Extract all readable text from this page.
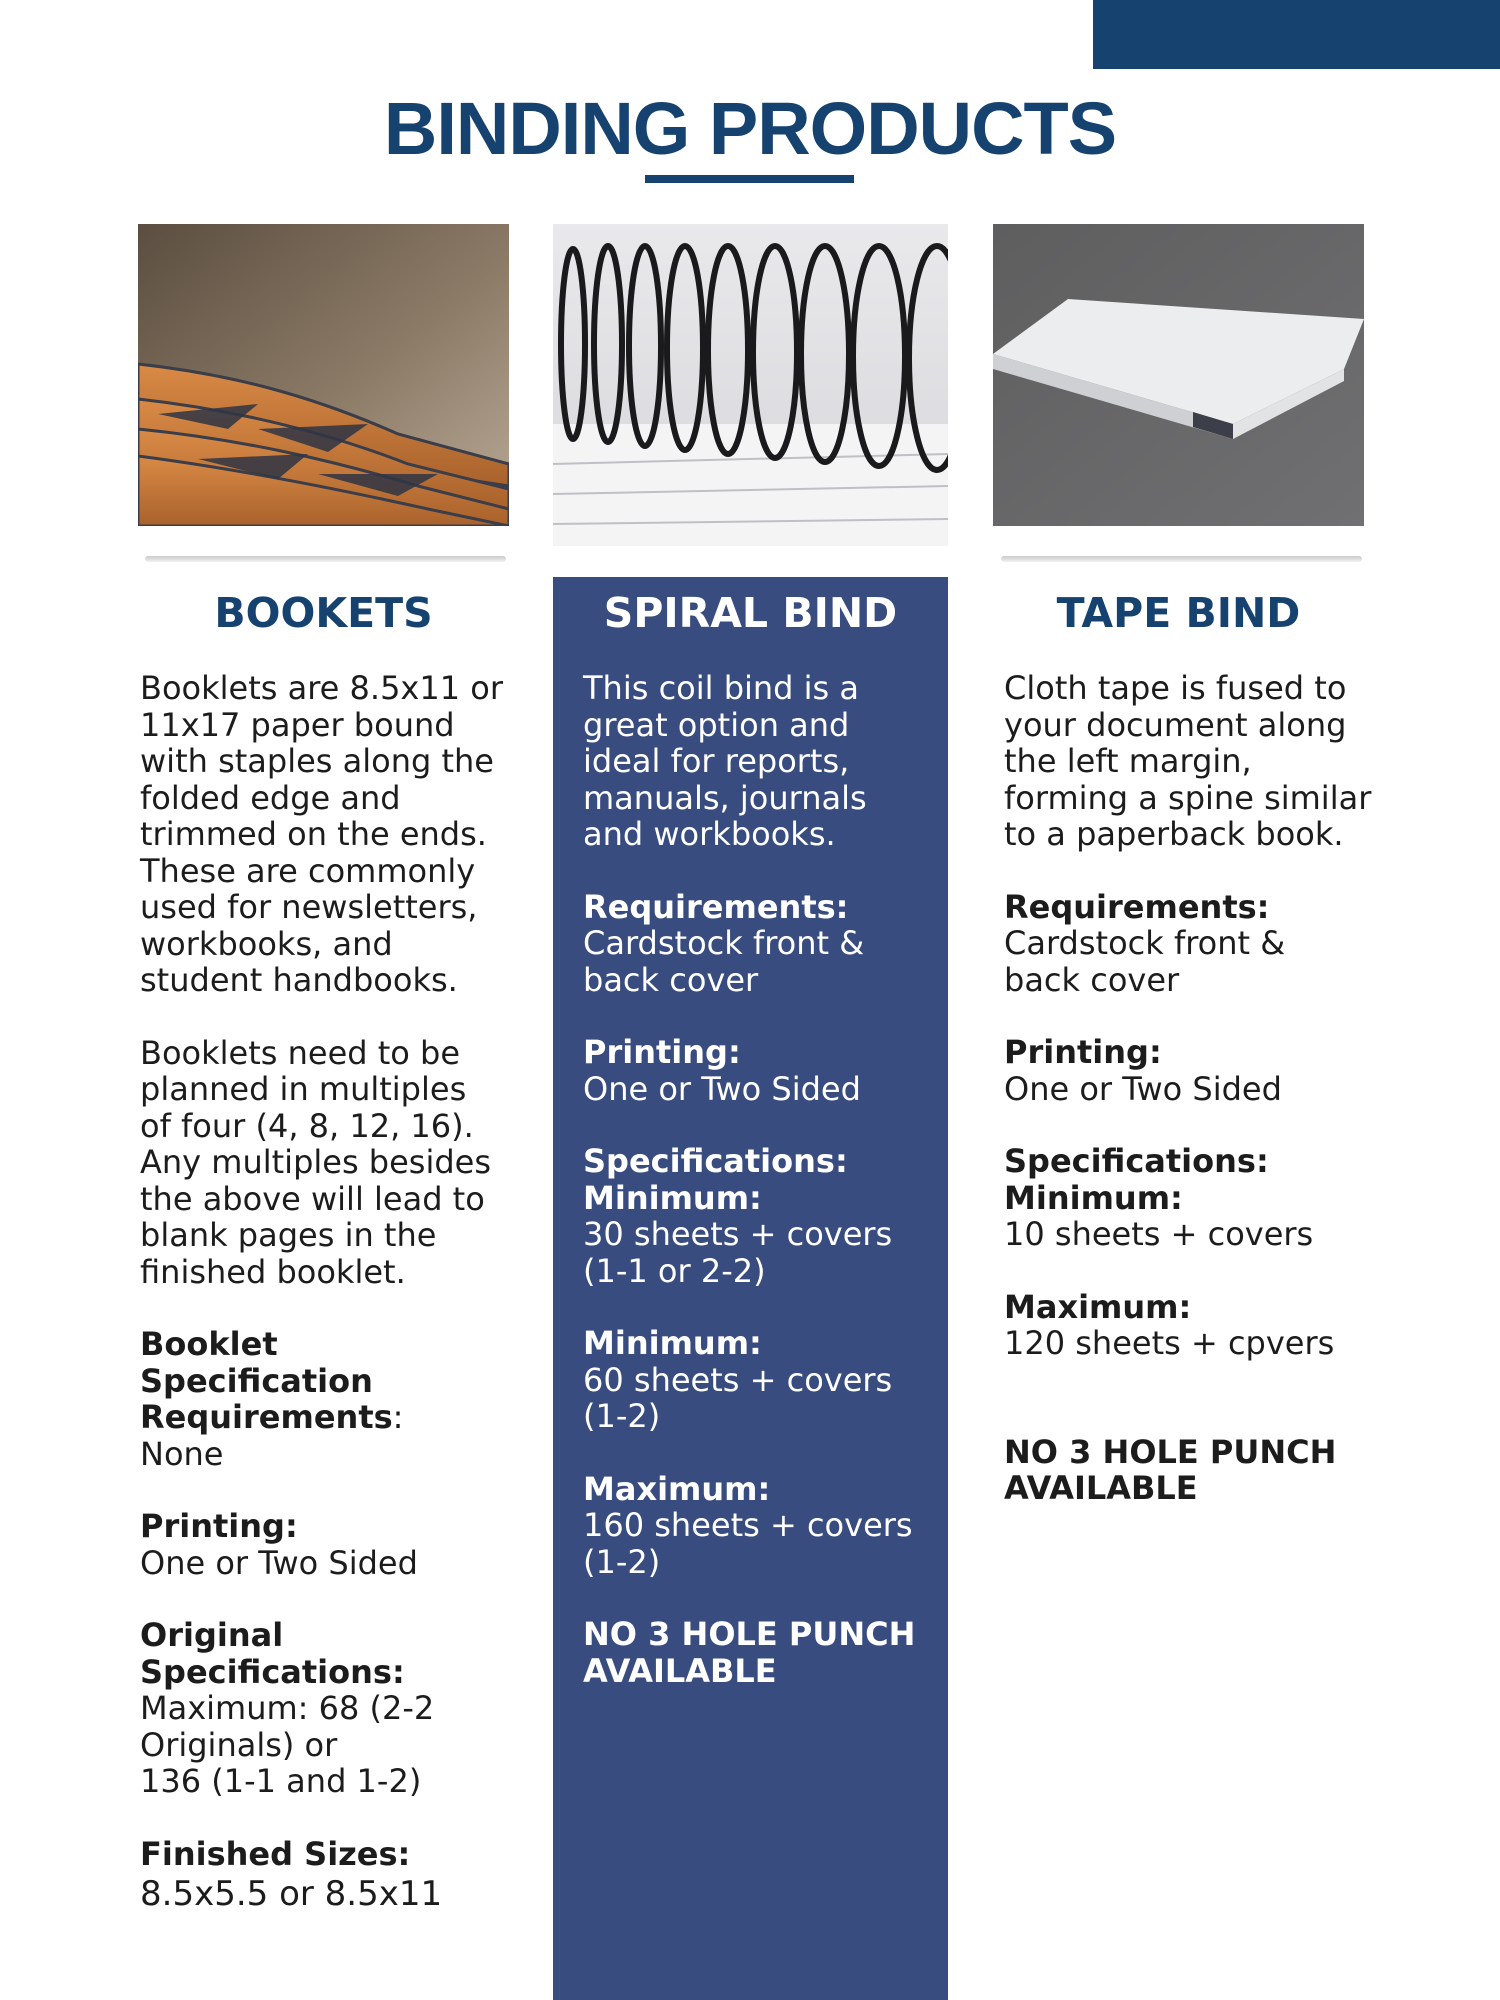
BINDING PRODUCTS
BOOKETS	SPIRAL BIND	TAPE BIND

Booklets are 8.5x11 or

11x17 paper bound

with staples along the

folded edge and

trimmed on the ends.

These are commonly

used for newsletters,

workbooks, and

student handbooks.

Booklets need to be

planned in multiples

of four (4, 8, 12, 16).

Any multiples besides

the above will lead to

blank pages in the

finished booklet.

Booklet Specification

Requirements:

None

Printing:

One or Two Sided

Original

Specifications:

Maximum: 68 (2-2

Originals) or

136 (1-1 and 1-2)

Finished Sizes:

8.5x5.5 or 8.5x11

This coil bind is a

great option and

ideal for reports,

manuals, journals

and workbooks.

Requirements:

Cardstock front &

back cover

Printing:

One or Two Sided

Specifications:

Minimum:

30 sheets + covers

(1-1 or 2-2)

Minimum:

60 sheets + covers

(1-2)

Maximum:

160 sheets + covers

(1-2)

NO 3 HOLE PUNCH

AVAILABLE

Cloth tape is fused to

your document along

the left margin,

forming a spine similar

to a paperback book.

Requirements:

Cardstock front &

back cover

Printing:

One or Two Sided

Specifications:

Minimum:

10 sheets + covers

Maximum:

120 sheets + cpvers

NO 3 HOLE PUNCH

AVAILABLE
